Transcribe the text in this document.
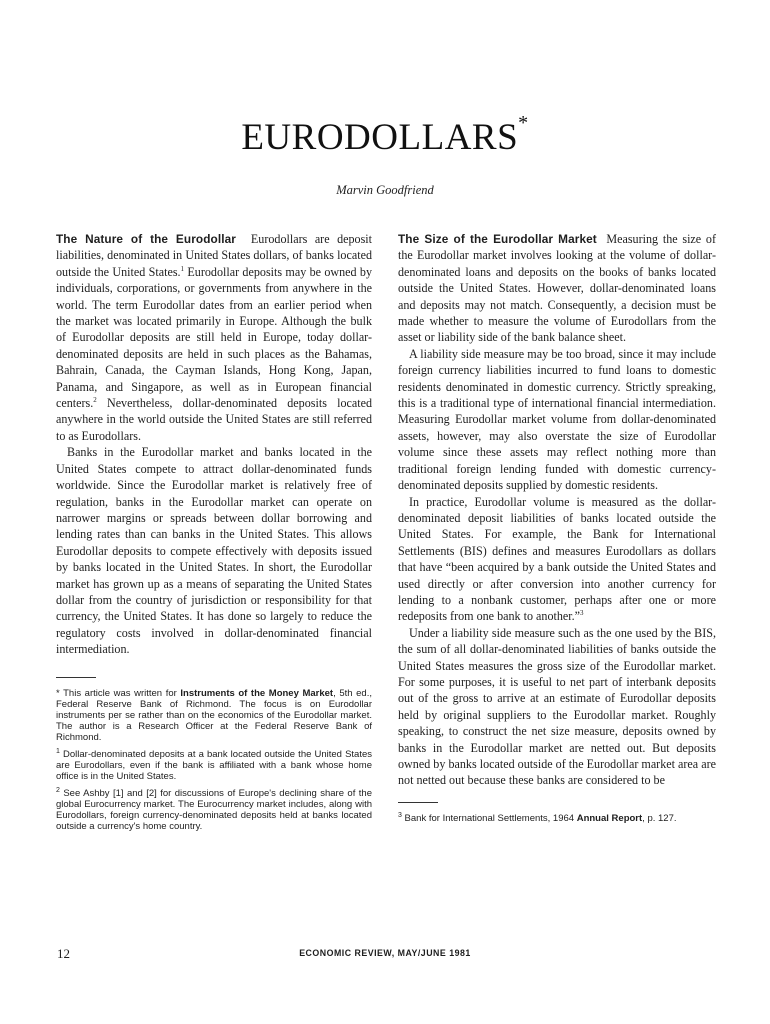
EURODOLLARS*
Marvin Goodfriend

The Nature of the Eurodollar Eurodollars are deposit liabilities, denominated in United States dollars, of banks located outside the United States.$^1$ Eurodollar deposits may be owned by individuals, corporations, or governments from anywhere in the world. The term Eurodollar dates from an earlier period when the market was located primarily in Europe. Although the bulk of Eurodollar deposits are still held in Europe, today dollar-denominated deposits are held in such places as the Bahamas, Bahrain, Canada, the Cayman Islands, Hong Kong, Japan, Panama, and Singapore, as well as in European financial centers.$^2$ Nevertheless, dollar-denominated deposits located anywhere in the world outside the United States are still referred to as Eurodollars.

Banks in the Eurodollar market and banks located in the United States compete to attract dollar-denominated funds worldwide. Since the Eurodollar market is relatively free of regulation, banks in the Eurodollar market can operate on narrower margins or spreads between dollar borrowing and lending rates than can banks in the United States. This allows Eurodollar deposits to compete effectively with deposits issued by banks located in the United States. In short, the Eurodollar market has grown up as a means of separating the United States dollar from the country of jurisdiction or responsibility for that currency, the United States. It has done so largely to reduce the regulatory costs involved in dollar-denominated financial intermediation.

* This article was written for Instruments of the Money Market, 5th ed., Federal Reserve Bank of Richmond. The focus is on Eurodollar instruments per se rather than on the economics of the Eurodollar market. The author is a Research Officer at the Federal Reserve Bank of Richmond.

$^1$ Dollar-denominated deposits at a bank located outside the United States are Eurodollars, even if the bank is affiliated with a bank whose home office is in the United States.

$^2$ See Ashby [1] and [2] for discussions of Europe's declining share of the global Eurocurrency market. The Eurocurrency market includes, along with Eurodollars, foreign currency-denominated deposits held at banks located outside a currency's home country.

The Size of the Eurodollar Market Measuring the size of the Eurodollar market involves looking at the volume of dollar-denominated loans and deposits on the books of banks located outside the United States. However, dollar-denominated loans and deposits may not match. Consequently, a decision must be made whether to measure the volume of Eurodollars from the asset or liability side of the bank balance sheet.

A liability side measure may be too broad, since it may include foreign currency liabilities incurred to fund loans to domestic residents denominated in domestic currency. Strictly spreaking, this is a traditional type of international financial intermediation. Measuring Eurodollar market volume from dollar-denominated assets, however, may also overstate the size of Eurodollar volume since these assets may reflect nothing more than traditional foreign lending funded with domestic currency-denominated deposits supplied by domestic residents.

In practice, Eurodollar volume is measured as the dollar-denominated deposit liabilities of banks located outside the United States. For example, the Bank for International Settlements (BIS) defines and measures Eurodollars as dollars that have “been acquired by a bank outside the United States and used directly or after conversion into another currency for lending to a nonbank customer, perhaps after one or more redeposits from one bank to another.”$^3$

Under a liability side measure such as the one used by the BIS, the sum of all dollar-denominated liabilities of banks outside the United States measures the gross size of the Eurodollar market. For some purposes, it is useful to net part of interbank deposits out of the gross to arrive at an estimate of Eurodollar deposits held by original suppliers to the Eurodollar market. Roughly speaking, to construct the net size measure, deposits owned by banks in the Eurodollar market are netted out. But deposits owned by banks located outside of the Eurodollar market area are not netted out because these banks are considered to be

$^3$ Bank for International Settlements, 1964 Annual Report, p. 127.

12	ECONOMIC REVIEW, MAY/JUNE 1981
